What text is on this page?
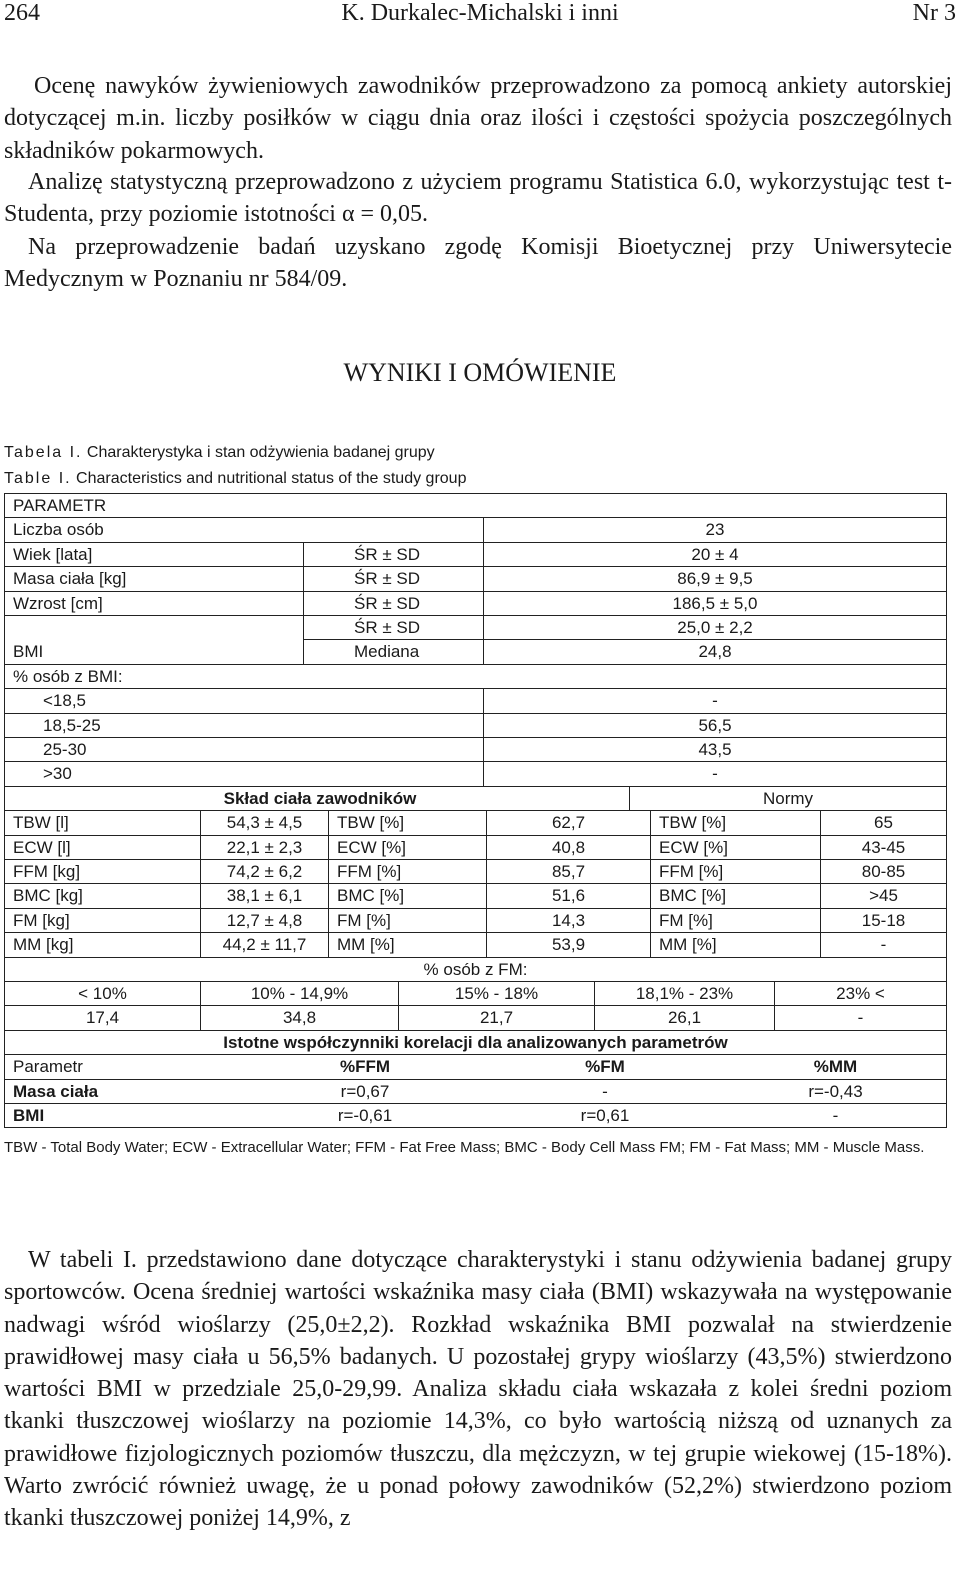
264	K. Durkalec-Michalski i inni	Nr 3

Ocenę nawyków żywieniowych zawodników przeprowadzono za pomocą ankiety autorskiej dotyczącej m.in. liczby posiłków w ciągu dnia oraz ilości i częstości spożycia poszczególnych składników pokarmowych.

Analizę statystyczną przeprowadzono z użyciem programu Statistica 6.0, wykorzystując test t-Studenta, przy poziomie istotności α = 0,05.

Na przeprowadzenie badań uzyskano zgodę Komisji Bioetycznej przy Uniwersytecie Medycznym w Poznaniu nr 584/09.

WYNIKI I OMÓWIENIE
Tabela I. Charakterystyka i stan odżywienia badanej grupy
Table I. Characteristics and nutritional status of the study group
PARAMETR
Liczba osób	23
Wiek [lata]	ŚR ± SD	20 ± 4
Masa ciała [kg]	ŚR ± SD	86,9 ± 9,5
Wzrost [cm]	ŚR ± SD	186,5 ± 5,0
BMI
ŚR ± SD	25,0 ± 2,2
Mediana	24,8
% osób z BMI:
<18,5	-
18,5-25	56,5
25-30	43,5
>30	-
Skład ciała zawodników	Normy
TBW [l]	54,3 ± 4,5	TBW [%]	62,7	TBW [%]	65
ECW [l]	22,1 ± 2,3	ECW [%]	40,8	ECW [%]	43-45
FFM [kg]	74,2 ± 6,2	FFM [%]	85,7	FFM [%]	80-85
BMC [kg]	38,1 ± 6,1	BMC [%]	51,6	BMC [%]	>45
FM [kg]	12,7 ± 4,8	FM [%]	14,3	FM [%]	15-18
MM [kg]	44,2 ± 11,7	MM [%]	53,9	MM [%]	-
% osób z FM:
< 10%	10% - 14,9%	15% - 18%	18,1% - 23%	23% <
17,4	34,8	21,7	26,1	-
Istotne współczynniki korelacji dla analizowanych parametrów
Parametr	%FFM	%FM	%MM
Masa ciała	r=0,67	-	r=-0,43
BMI	r=-0,61	r=0,61	-
TBW - Total Body Water; ECW - Extracellular Water; FFM - Fat Free Mass; BMC - Body Cell Mass FM; FM - Fat Mass; MM - Muscle Mass.

W tabeli I. przedstawiono dane dotyczące charakterystyki i stanu odżywienia badanej grupy sportowców. Ocena średniej wartości wskaźnika masy ciała (BMI) wskazywała na występowanie nadwagi wśród wioślarzy (25,0±2,2). Rozkład wskaźnika BMI pozwalał na stwierdzenie prawidłowej masy ciała u 56,5% badanych. U pozostałej grypy wioślarzy (43,5%) stwierdzono wartości BMI w przedziale 25,0-29,99. Analiza składu ciała wskazała z kolei średni poziom tkanki tłuszczowej wioślarzy na poziomie 14,3%, co było wartością niższą od uznanych za prawidłowe fizjologicznych poziomów tłuszczu, dla mężczyzn, w tej grupie wiekowej (15-18%). Warto zwrócić również uwagę, że u ponad połowy zawodników (52,2%) stwierdzono poziom tkanki tłuszczowej poniżej 14,9%, z
